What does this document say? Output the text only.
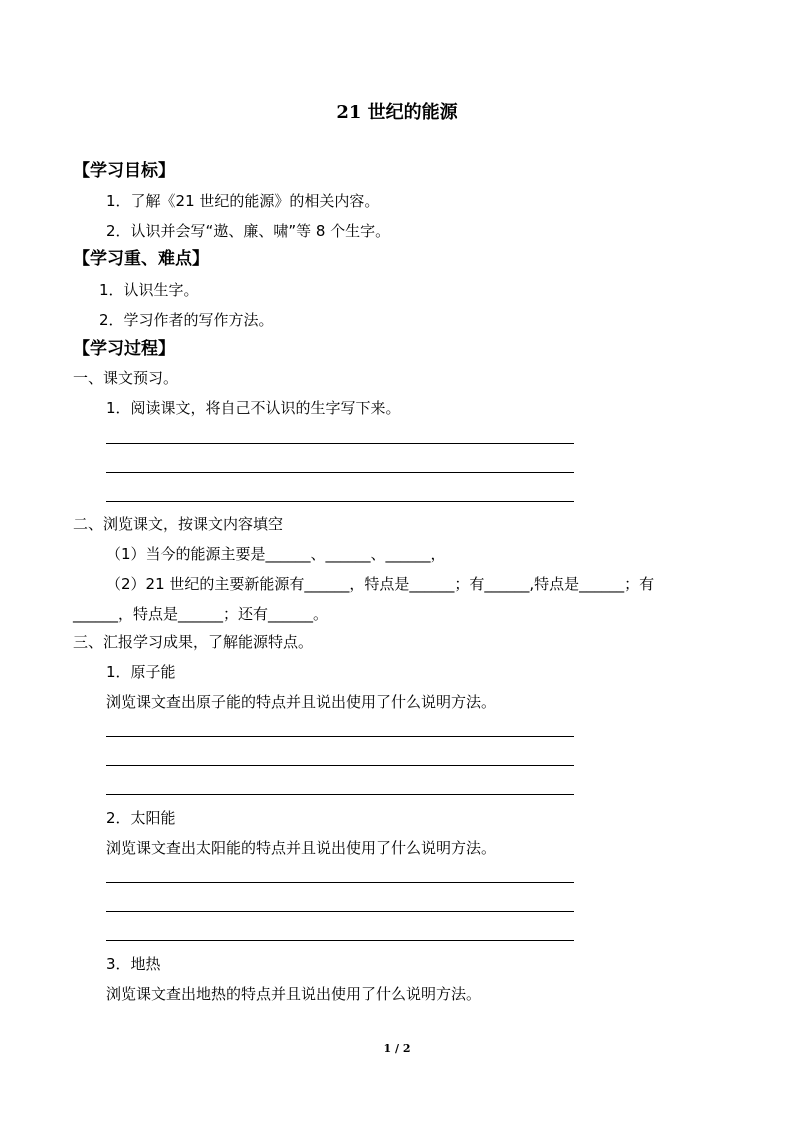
21 世纪的能源
【学习目标】
1．了解《21 世纪的能源》的相关内容。
2．认识并会写“遨、廉、啸”等 8 个生字。
【学习重、难点】
1．认识生字。
2．学习作者的写作方法。
【学习过程】
一、课文预习。
1．阅读课文，将自己不认识的生字写下来。
二、浏览课文，按课文内容填空
（1）当今的能源主要是______、______、______，
（2）21 世纪的主要新能源有______，特点是______；有______,特点是______；有
______，特点是______；还有______。
三、汇报学习成果，了解能源特点。
1．原子能
浏览课文查出原子能的特点并且说出使用了什么说明方法。
2．太阳能
浏览课文查出太阳能的特点并且说出使用了什么说明方法。
3．地热
浏览课文查出地热的特点并且说出使用了什么说明方法。
1 / 2
